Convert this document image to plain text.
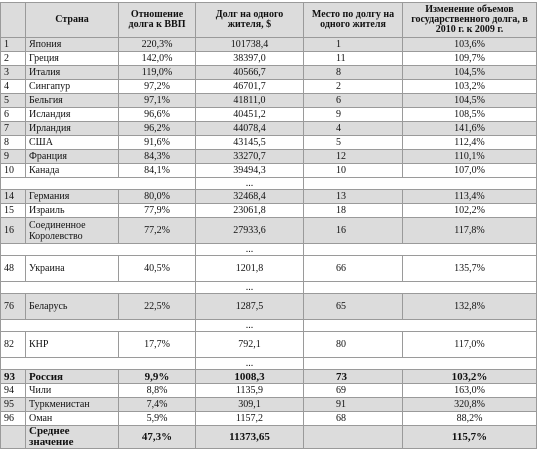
	Страна	Отношение долга к ВВП	Долг на одного жителя, $	Место по долгу на одного жителя	Изменение объемов государственного долга, в 2010 г. к 2009 г.
1	Япония	220,3%	101738,4	1	103,6%
2	Греция	142,0%	38397,0	11	109,7%
3	Италия	119,0%	40566,7	8	104,5%
4	Сингапур	97,2%	46701,7	2	103,2%
5	Бельгия	97,1%	41811,0	6	104,5%
6	Исландия	96,6%	40451,2	9	108,5%
7	Ирландия	96,2%	44078,4	4	141,6%
8	США	91,6%	43145,5	5	112,4%
9	Франция	84,3%	33270,7	12	110,1%
10	Канада	84,1%	39494,3	10	107,0%
			...		
14	Германия	80,0%	32468,4	13	113,4%
15	Израиль	77,9%	23061,8	18	102,2%
16	Соединенное Королевство	77,2%	27933,6	16	117,8%
			...		
48	Украина	40,5%	1201,8	66	135,7%
			...		
76	Беларусь	22,5%	1287,5	65	132,8%
			...		
82	КНР	17,7%	792,1	80	117,0%
			...		
93	Россия	9,9%	1008,3	73	103,2%
94	Чили	8,8%	1135,9	69	163,0%
95	Туркменистан	7,4%	309,1	91	320,8%
96	Оман	5,9%	1157,2	68	88,2%
	Среднее значение	47,3%	11373,65		115,7%
